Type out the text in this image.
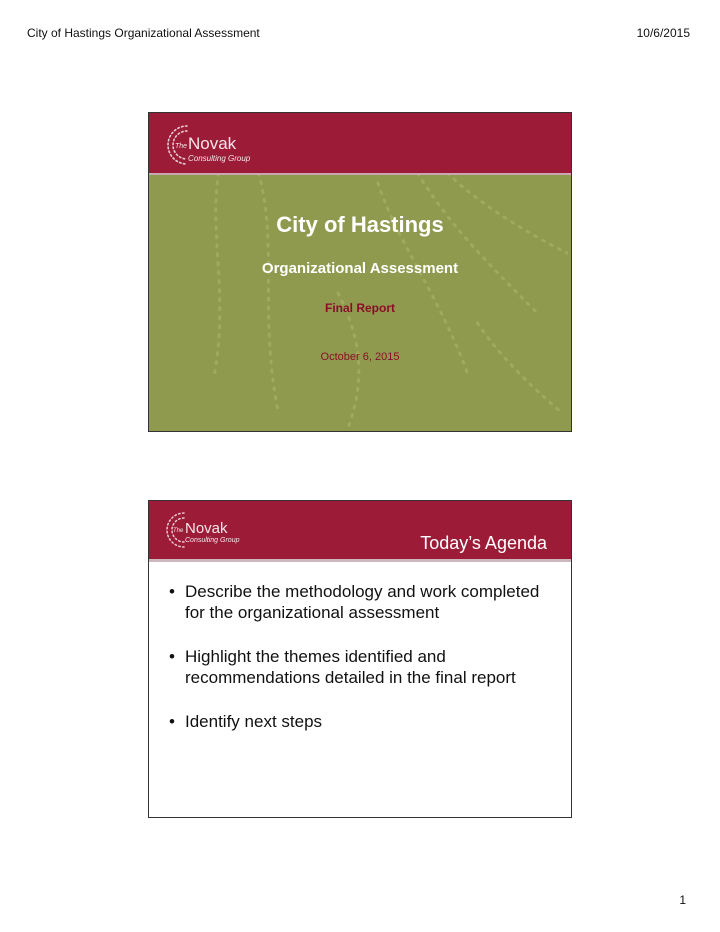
City of Hastings Organizational Assessment	10/6/2015
The Novak
Consulting Group
City of Hastings
Organizational Assessment
Final Report
October 6, 2015
The Novak
Consulting Group	Today’s Agenda
• Describe the methodology and work completed for the organizational assessment
• Highlight the themes identified and recommendations detailed in the final report
• Identify next steps
1
